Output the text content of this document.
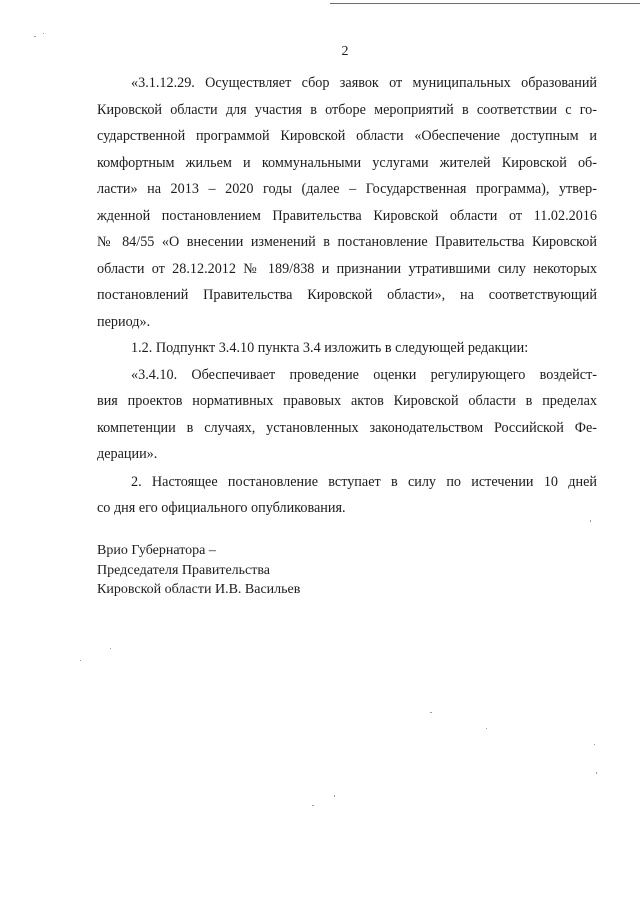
2

«3.1.12.29. Осуществляет сбор заявок от муниципальных образований

Кировской области для участия в отборе мероприятий в соответствии с го-

сударственной программой Кировской области «Обеспечение доступным и

комфортным жильем и коммунальными услугами жителей Кировской об-

ласти» на 2013 – 2020 годы (далее – Государственная программа), утвер-

жденной постановлением Правительства Кировской области от 11.02.2016

№ 84/55 «О внесении изменений в постановление Правительства Кировской

области от 28.12.2012 № 189/838 и признании утратившими силу некоторых

постановлений Правительства Кировской области», на соответствующий

период».

1.2. Подпункт 3.4.10 пункта 3.4 изложить в следующей редакции:

«3.4.10. Обеспечивает проведение оценки регулирующего воздейст-

вия проектов нормативных правовых актов Кировской области в пределах

компетенции в случаях, установленных законодательством Российской Фе-

дерации».

2. Настоящее постановление вступает в силу по истечении 10 дней

со дня его официального опубликования.

Врио Губернатора –
Председателя Правительства
Кировской области И.В. Васильев
